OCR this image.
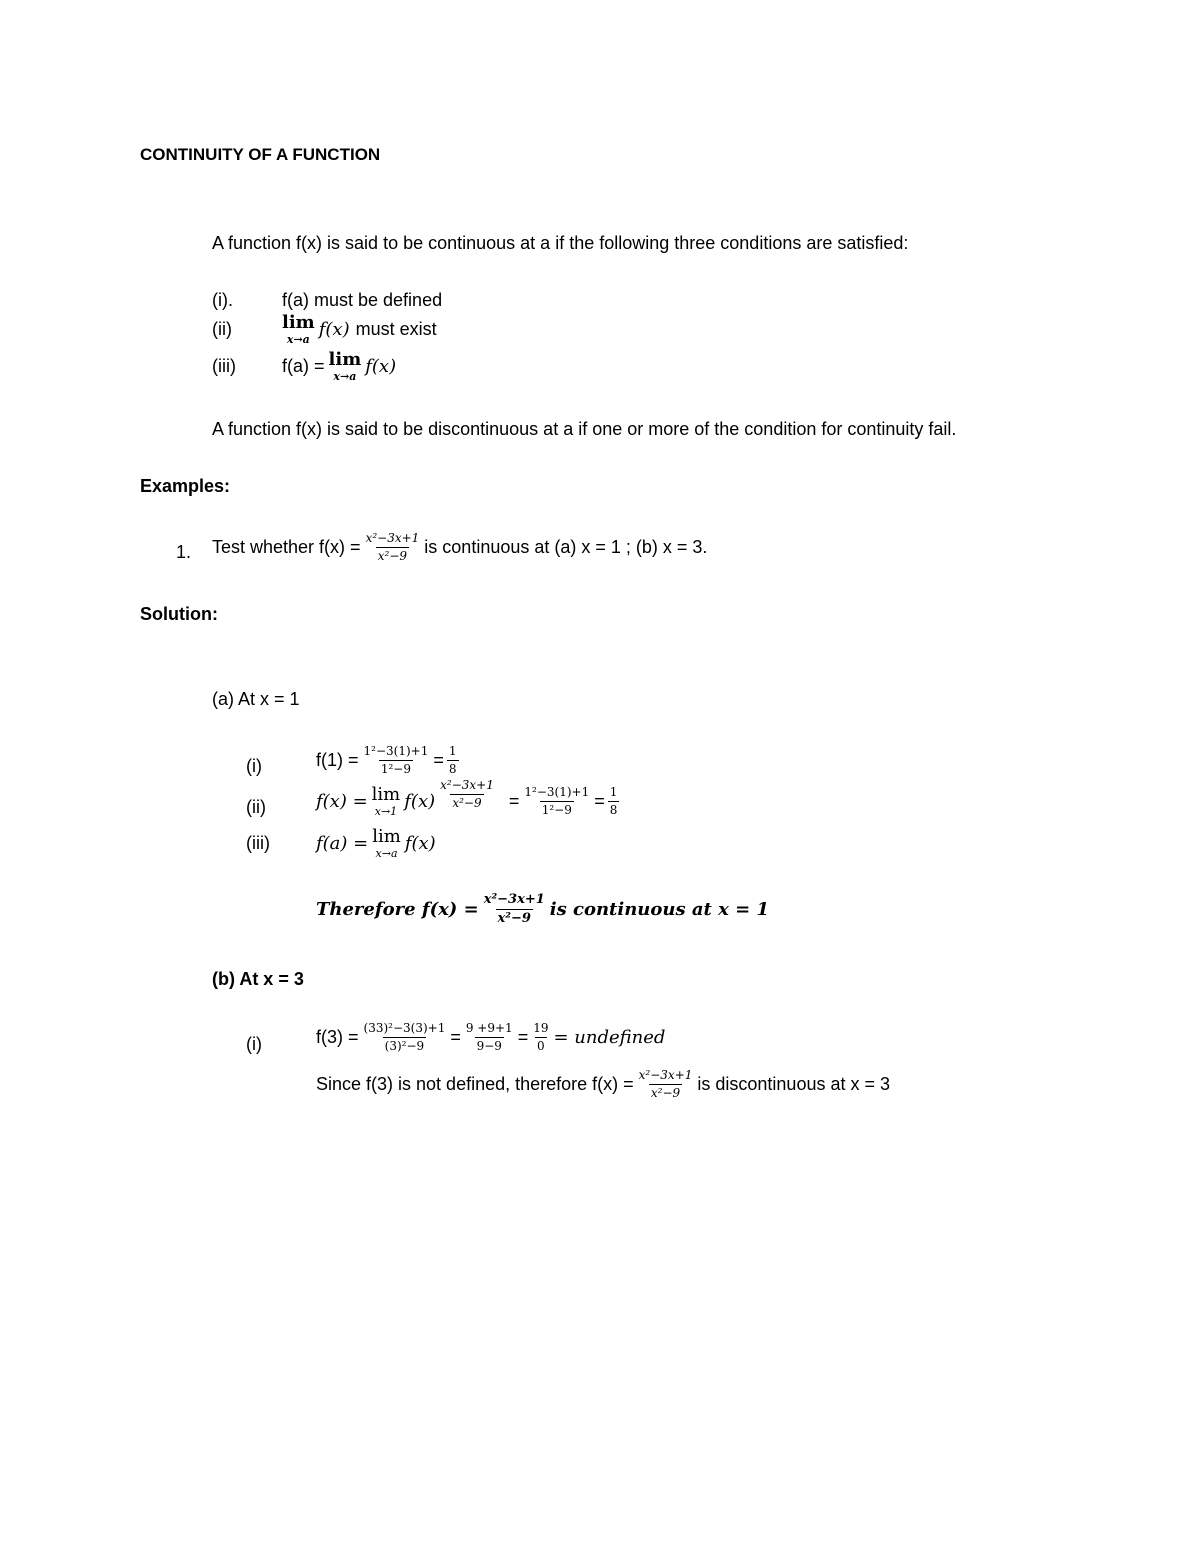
CONTINUITY OF A FUNCTION
A function f(x) is said to be continuous at a if the following three conditions are satisfied:
(i).	f(a) must be defined
(ii)	lim
x→a f(x) must exist
(iii)	f(a) = lim
x→a f(x)
A function f(x) is said to be discontinuous at a if one or more of the condition for continuity fail.
Examples:
1. Test whether $f(x) = \frac{\text{x²−3x+1}}{\text{x²−9}}$ is continuous at (a) x = 1 ; (b) x = 3.
Solution:
(a) At x = 1
(i)	$f(1) = \frac{\text{1²−3(1)+1}}{\text{1²−9}} = \frac{1}{8}$
(ii)	f(x) = lim
x→1 $f(x) \frac{\text{x²−3x+1}}{\text{x²−9}} = \frac{\text{1²−3(1)+1}}{\text{1²−9}} = \frac{1}{8}$
(iii)	f(a) = lim
x→a f(x)
Therefore $f(x) = \frac{\text{x²−3x+1}}{\text{x²−9}}$ is continuous at x = 1
(b) At x = 3
(i)	$f(3) = \frac{\text{(33)²−3(3)+1}}{\text{(3)²−9}} = \frac{9 +9+1}{9-9} = \frac{19}{0}$ = undefined
Since f(3) is not defined, therefore $f(x) = \frac{\text{x²−3x+1}}{\text{x²−9}}$ is discontinuous at x = 3
